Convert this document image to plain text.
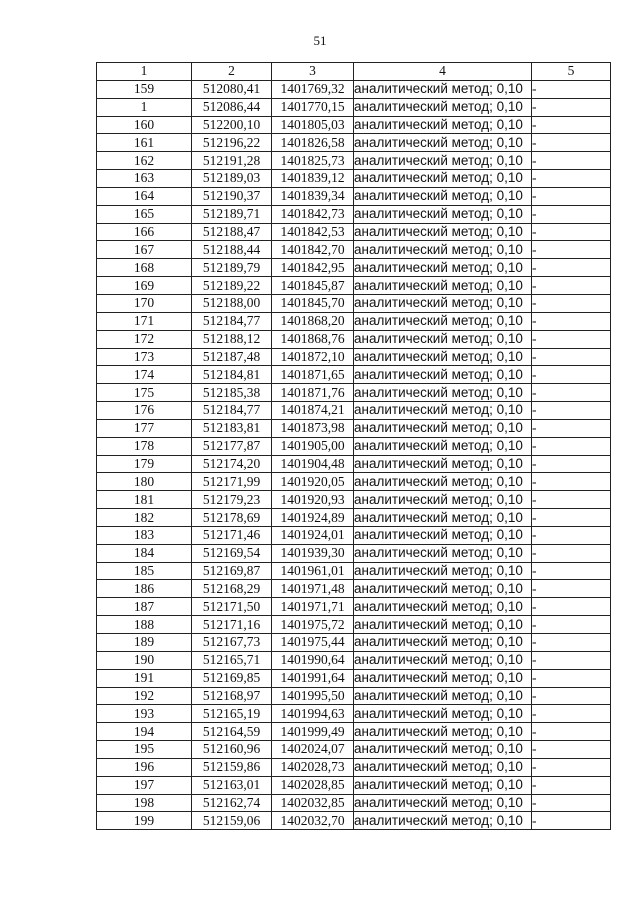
51
1	2	3	4	5
159	512080,41	1401769,32	аналитический метод; 0,10	-
1	512086,44	1401770,15	аналитический метод; 0,10	-
160	512200,10	1401805,03	аналитический метод; 0,10	-
161	512196,22	1401826,58	аналитический метод; 0,10	-
162	512191,28	1401825,73	аналитический метод; 0,10	-
163	512189,03	1401839,12	аналитический метод; 0,10	-
164	512190,37	1401839,34	аналитический метод; 0,10	-
165	512189,71	1401842,73	аналитический метод; 0,10	-
166	512188,47	1401842,53	аналитический метод; 0,10	-
167	512188,44	1401842,70	аналитический метод; 0,10	-
168	512189,79	1401842,95	аналитический метод; 0,10	-
169	512189,22	1401845,87	аналитический метод; 0,10	-
170	512188,00	1401845,70	аналитический метод; 0,10	-
171	512184,77	1401868,20	аналитический метод; 0,10	-
172	512188,12	1401868,76	аналитический метод; 0,10	-
173	512187,48	1401872,10	аналитический метод; 0,10	-
174	512184,81	1401871,65	аналитический метод; 0,10	-
175	512185,38	1401871,76	аналитический метод; 0,10	-
176	512184,77	1401874,21	аналитический метод; 0,10	-
177	512183,81	1401873,98	аналитический метод; 0,10	-
178	512177,87	1401905,00	аналитический метод; 0,10	-
179	512174,20	1401904,48	аналитический метод; 0,10	-
180	512171,99	1401920,05	аналитический метод; 0,10	-
181	512179,23	1401920,93	аналитический метод; 0,10	-
182	512178,69	1401924,89	аналитический метод; 0,10	-
183	512171,46	1401924,01	аналитический метод; 0,10	-
184	512169,54	1401939,30	аналитический метод; 0,10	-
185	512169,87	1401961,01	аналитический метод; 0,10	-
186	512168,29	1401971,48	аналитический метод; 0,10	-
187	512171,50	1401971,71	аналитический метод; 0,10	-
188	512171,16	1401975,72	аналитический метод; 0,10	-
189	512167,73	1401975,44	аналитический метод; 0,10	-
190	512165,71	1401990,64	аналитический метод; 0,10	-
191	512169,85	1401991,64	аналитический метод; 0,10	-
192	512168,97	1401995,50	аналитический метод; 0,10	-
193	512165,19	1401994,63	аналитический метод; 0,10	-
194	512164,59	1401999,49	аналитический метод; 0,10	-
195	512160,96	1402024,07	аналитический метод; 0,10	-
196	512159,86	1402028,73	аналитический метод; 0,10	-
197	512163,01	1402028,85	аналитический метод; 0,10	-
198	512162,74	1402032,85	аналитический метод; 0,10	-
199	512159,06	1402032,70	аналитический метод; 0,10	-
